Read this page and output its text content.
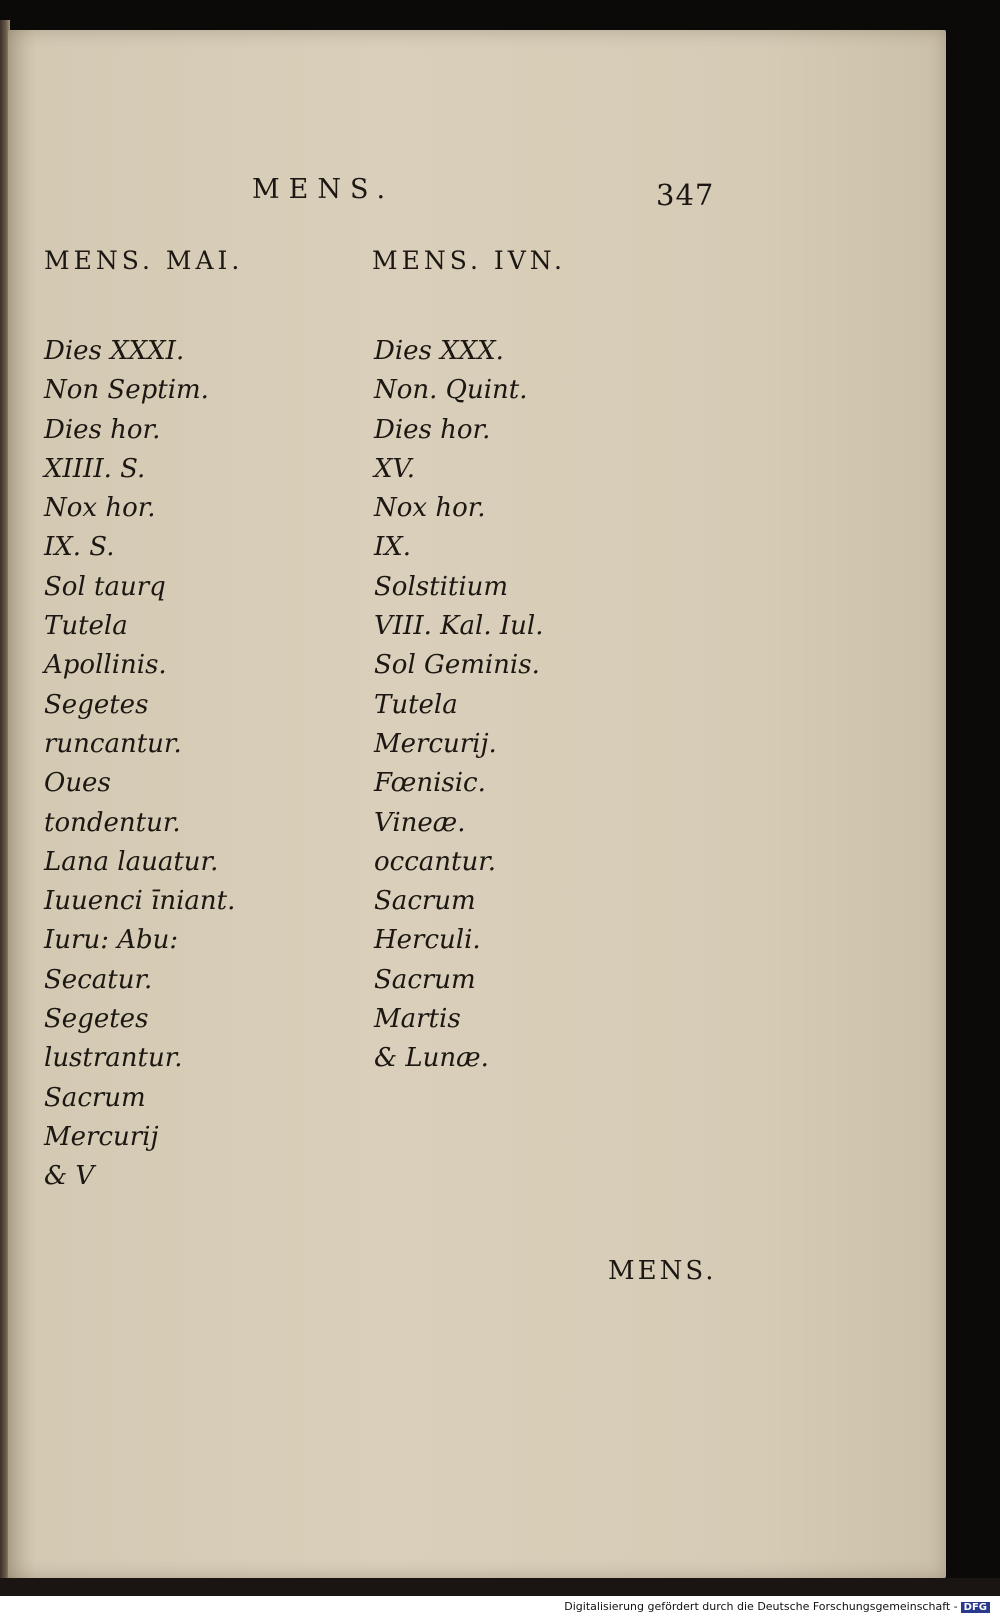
MENS.	347
MENS. MAI.	MENS. IVN.
Dies XXXI.
Non Septim.
Dies hor.
XIIII. S.
Nox hor.
IX. S.
Sol taurq
Tutela
Apollinis.
Segetes
runcantur.
Oues
tondentur.
Lana lauatur.
Iuuenci īniant.
Iuru: Abu:
Secatur.
Segetes
lustrantur.
Sacrum
Mercurij
& V
Dies XXX.
Non. Quint.
Dies hor.
XV.
Nox hor.
IX.
Solstitium
VIII. Kal. Iul.
Sol Geminis.
Tutela
Mercurij.
Fœnisic.
Vineæ.
occantur.
Sacrum
Herculi.
Sacrum
Martis
& Lunæ.
MENS.
Digitalisierung gefördert durch die Deutsche Forschungsgemeinschaft - DFG
